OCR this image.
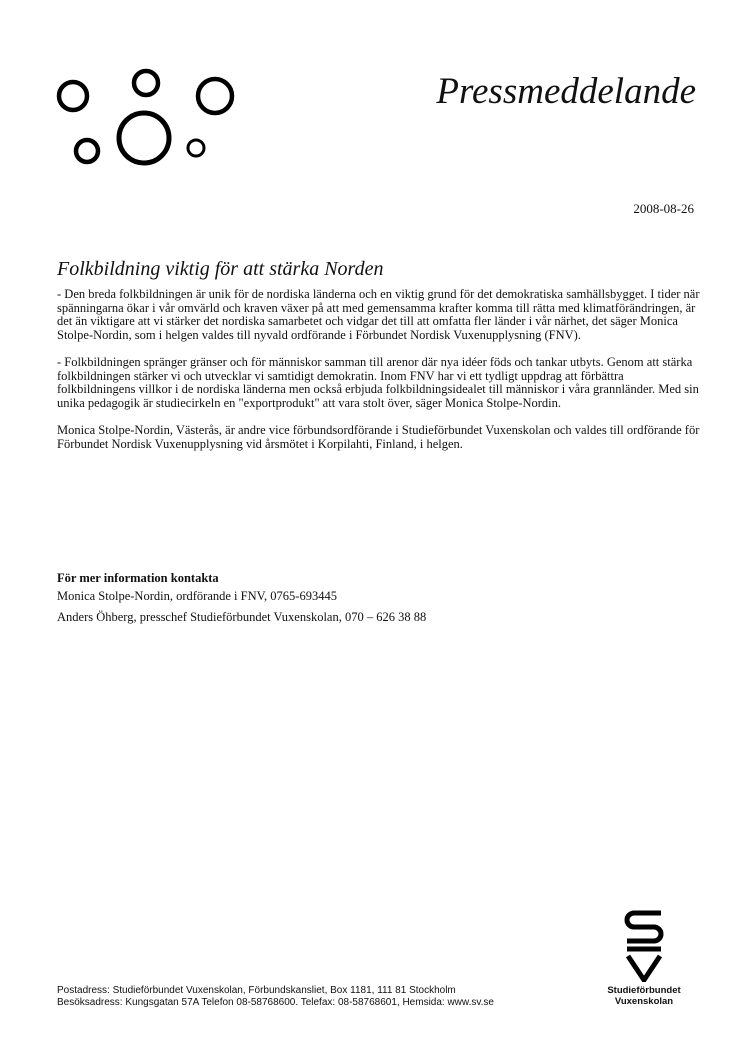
Pressmeddelande
2008-08-26
Folkbildning viktig för att stärka Norden

- Den breda folkbildningen är unik för de nordiska länderna och en viktig grund för det demokratiska samhällsbygget. I tider när spänningarna ökar i vår omvärld och kraven växer på att med gemensamma krafter komma till rätta med klimatförändringen, är det än viktigare att vi stärker det nordiska samarbetet och vidgar det till att omfatta fler länder i vår närhet, det säger Monica Stolpe-Nordin, som i helgen valdes till nyvald ordförande i Förbundet Nordisk Vuxenupplysning (FNV).

- Folkbildningen spränger gränser och för människor samman till arenor där nya idéer föds och tankar utbyts. Genom att stärka folkbildningen stärker vi och utvecklar vi samtidigt demokratin. Inom FNV har vi ett tydligt uppdrag att förbättra folkbildningens villkor i de nordiska länderna men också erbjuda folkbildningsidealet till människor i våra grannländer. Med sin unika pedagogik är studiecirkeln en "exportprodukt" att vara stolt över, säger Monica Stolpe-Nordin.

Monica Stolpe-Nordin, Västerås, är andre vice förbundsordförande i Studieförbundet Vuxenskolan och valdes till ordförande för Förbundet Nordisk Vuxenupplysning vid årsmötet i Korpilahti, Finland, i helgen.

För mer information kontakta
Monica Stolpe-Nordin, ordförande i FNV, 0765-693445
Anders Öhberg, presschef Studieförbundet Vuxenskolan, 070 – 626 38 88
Postadress: Studieförbundet Vuxenskolan, Förbundskansliet, Box 1181, 111 81 Stockholm
Besöksadress: Kungsgatan 57A Telefon 08-58768600. Telefax: 08-58768601, Hemsida: www.sv.se
Studieförbundet
Vuxenskolan
